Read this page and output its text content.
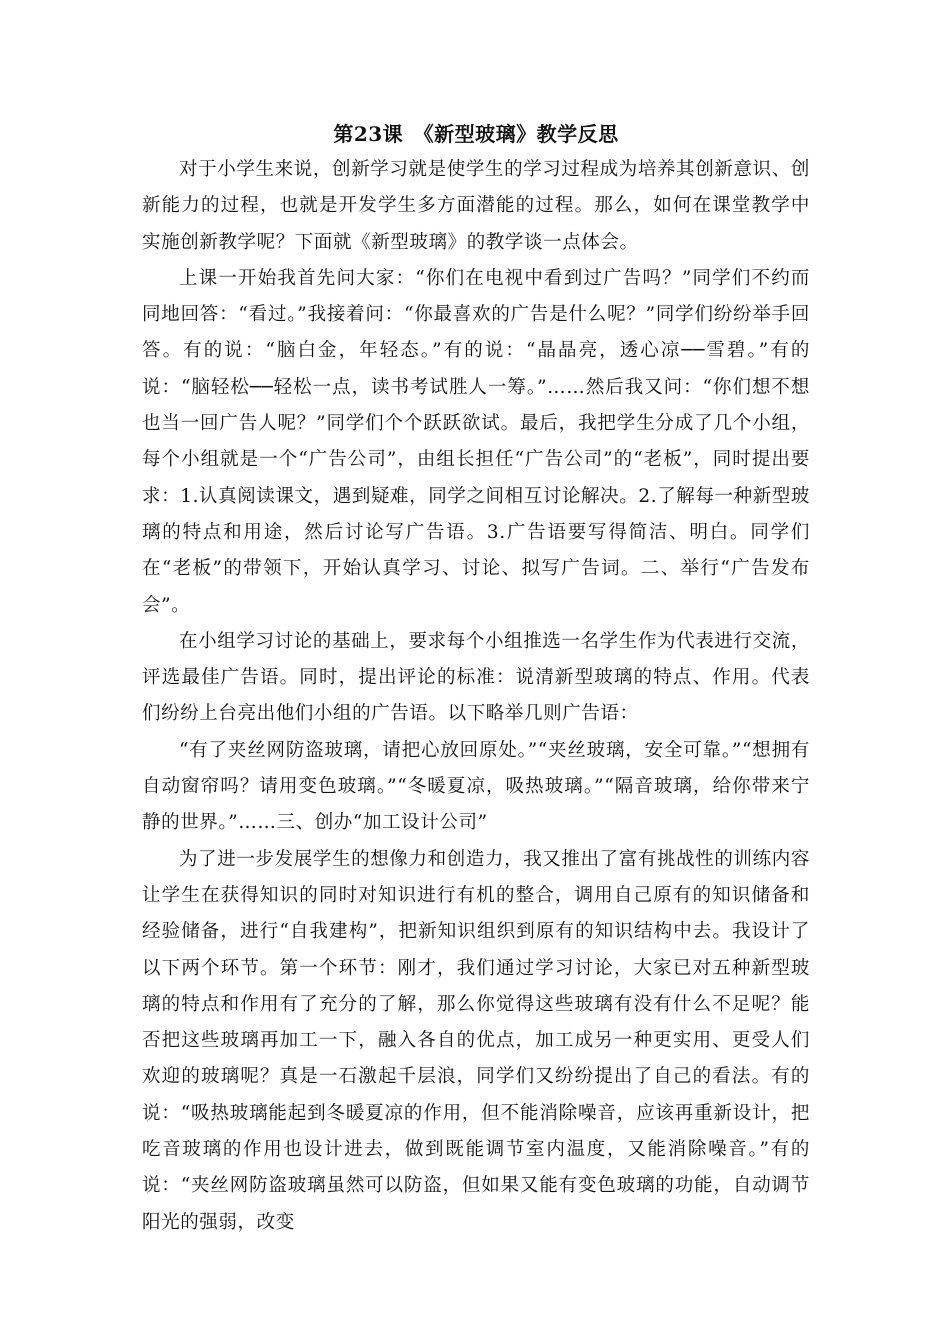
第23课　《新型玻璃》教学反思

对于小学生来说，创新学习就是使学生的学习过程成为培养其创新意识、创新能力的过程，也就是开发学生多方面潜能的过程。那么，如何在课堂教学中实施创新教学呢？下面就《新型玻璃》的教学谈一点体会。

上课一开始我首先问大家：“你们在电视中看到过广告吗？”同学们不约而同地回答：“看过。”我接着问：“你最喜欢的广告是什么呢？”同学们纷纷举手回答。有的说：“脑白金，年轻态。”有的说：“晶晶亮，透心凉──雪碧。”有的说：“脑轻松──轻松一点，读书考试胜人一筹。”……然后我又问：“你们想不想也当一回广告人呢？”同学们个个跃跃欲试。最后，我把学生分成了几个小组，每个小组就是一个“广告公司”，由组长担任“广告公司”的“老板”，同时提出要求：1.认真阅读课文，遇到疑难，同学之间相互讨论解决。2.了解每一种新型玻璃的特点和用途，然后讨论写广告语。3.广告语要写得简洁、明白。同学们在“老板”的带领下，开始认真学习、讨论、拟写广告词。二、举行“广告发布会”。

在小组学习讨论的基础上，要求每个小组推选一名学生作为代表进行交流，评选最佳广告语。同时，提出评论的标准：说清新型玻璃的特点、作用。代表们纷纷上台亮出他们小组的广告语。以下略举几则广告语：

“有了夹丝网防盗玻璃，请把心放回原处。”“夹丝玻璃，安全可靠。”“想拥有自动窗帘吗？请用变色玻璃。”“冬暖夏凉，吸热玻璃。”“隔音玻璃，给你带来宁静的世界。”……三、创办“加工设计公司”

为了进一步发展学生的想像力和创造力，我又推出了富有挑战性的训练内容让学生在获得知识的同时对知识进行有机的整合，调用自己原有的知识储备和经验储备，进行“自我建构”，把新知识组织到原有的知识结构中去。我设计了以下两个环节。第一个环节：刚才，我们通过学习讨论，大家已对五种新型玻璃的特点和作用有了充分的了解，那么你觉得这些玻璃有没有什么不足呢？能否把这些玻璃再加工一下，融入各自的优点，加工成另一种更实用、更受人们欢迎的玻璃呢？真是一石激起千层浪，同学们又纷纷提出了自己的看法。有的说：“吸热玻璃能起到冬暖夏凉的作用，但不能消除噪音，应该再重新设计，把吃音玻璃的作用也设计进去，做到既能调节室内温度，又能消除噪音。”有的说：“夹丝网防盗玻璃虽然可以防盗，但如果又能有变色玻璃的功能，自动调节阳光的强弱，改变
